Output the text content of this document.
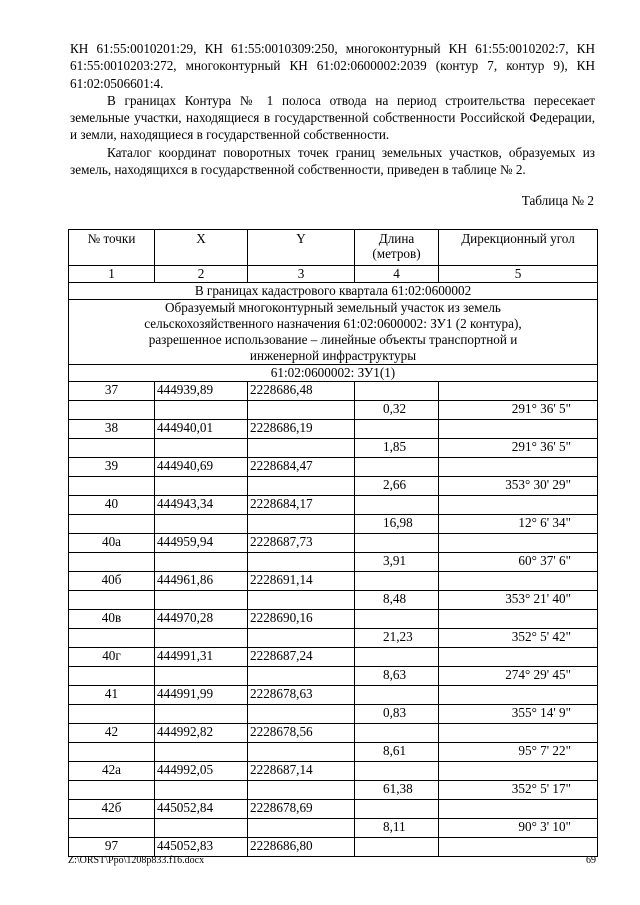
КН 61:55:0010201:29, КН 61:55:0010309:250, многоконтурный КН 61:55:0010202:7, КН 61:55:0010203:272, многоконтурный КН 61:02:0600002:2039 (контур 7, контур 9), КН 61:02:0506601:4.

В границах Контура № 1 полоса отвода на период строительства пересекает земельные участки, находящиеся в государственной собственности Российской Федерации, и земли, находящиеся в государственной собственности.

Каталог координат поворотных точек границ земельных участков, образуемых из земель, находящихся в государственной собственности, приведен в таблице № 2.

Таблица № 2
№ точки	X	Y	Длина (метров)	Дирекционный угол
1	2	3	4	5
В границах кадастрового квартала 61:02:0600002				
Образуемый многоконтурный земельный участок из земель сельскохозяйственного назначения 61:02:0600002: ЗУ1 (2 контура), разрешенное использование – линейные объекты транспортной и инженерной инфраструктуры				
61:02:0600002: ЗУ1(1)				
37	444939,89	2228686,48		
			0,32	291° 36' 5"
38	444940,01	2228686,19		
			1,85	291° 36' 5"
39	444940,69	2228684,47		
			2,66	353° 30' 29"
40	444943,34	2228684,17		
			16,98	12° 6' 34"
40а	444959,94	2228687,73		
			3,91	60° 37' 6"
40б	444961,86	2228691,14		
			8,48	353° 21' 40"
40в	444970,28	2228690,16		
			21,23	352° 5' 42"
40г	444991,31	2228687,24		
			8,63	274° 29' 45"
41	444991,99	2228678,63		
			0,83	355° 14' 9"
42	444992,82	2228678,56		
			8,61	95° 7' 22"
42а	444992,05	2228687,14		
			61,38	352° 5' 17"
42б	445052,84	2228678,69		
			8,11	90° 3' 10"
97	445052,83	2228686,80		
Z:\ORST\Ppo\1208p833.f16.docx	69
